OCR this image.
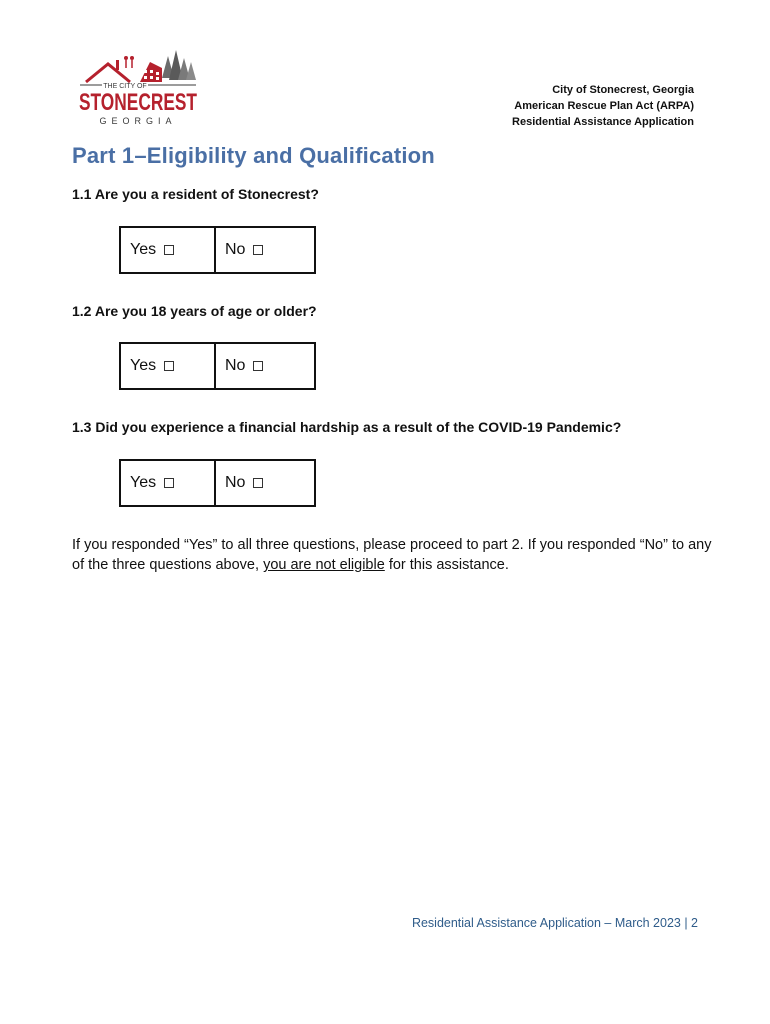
THE CITY OF
STONECREST
GEORGIA
City of Stonecrest, Georgia
American Rescue Plan Act (ARPA)
Residential Assistance Application
Part 1–Eligibility and Qualification

1.1 Are you a resident of Stonecrest?

Yes	No

1.2 Are you 18 years of age or older?

Yes	No

1.3 Did you experience a financial hardship as a result of the COVID-19 Pandemic?

Yes	No

If you responded “Yes” to all three questions, please proceed to part 2. If you responded “No” to any of the three questions above, you are not eligible for this assistance.

Residential Assistance Application – March 2023 | 2
